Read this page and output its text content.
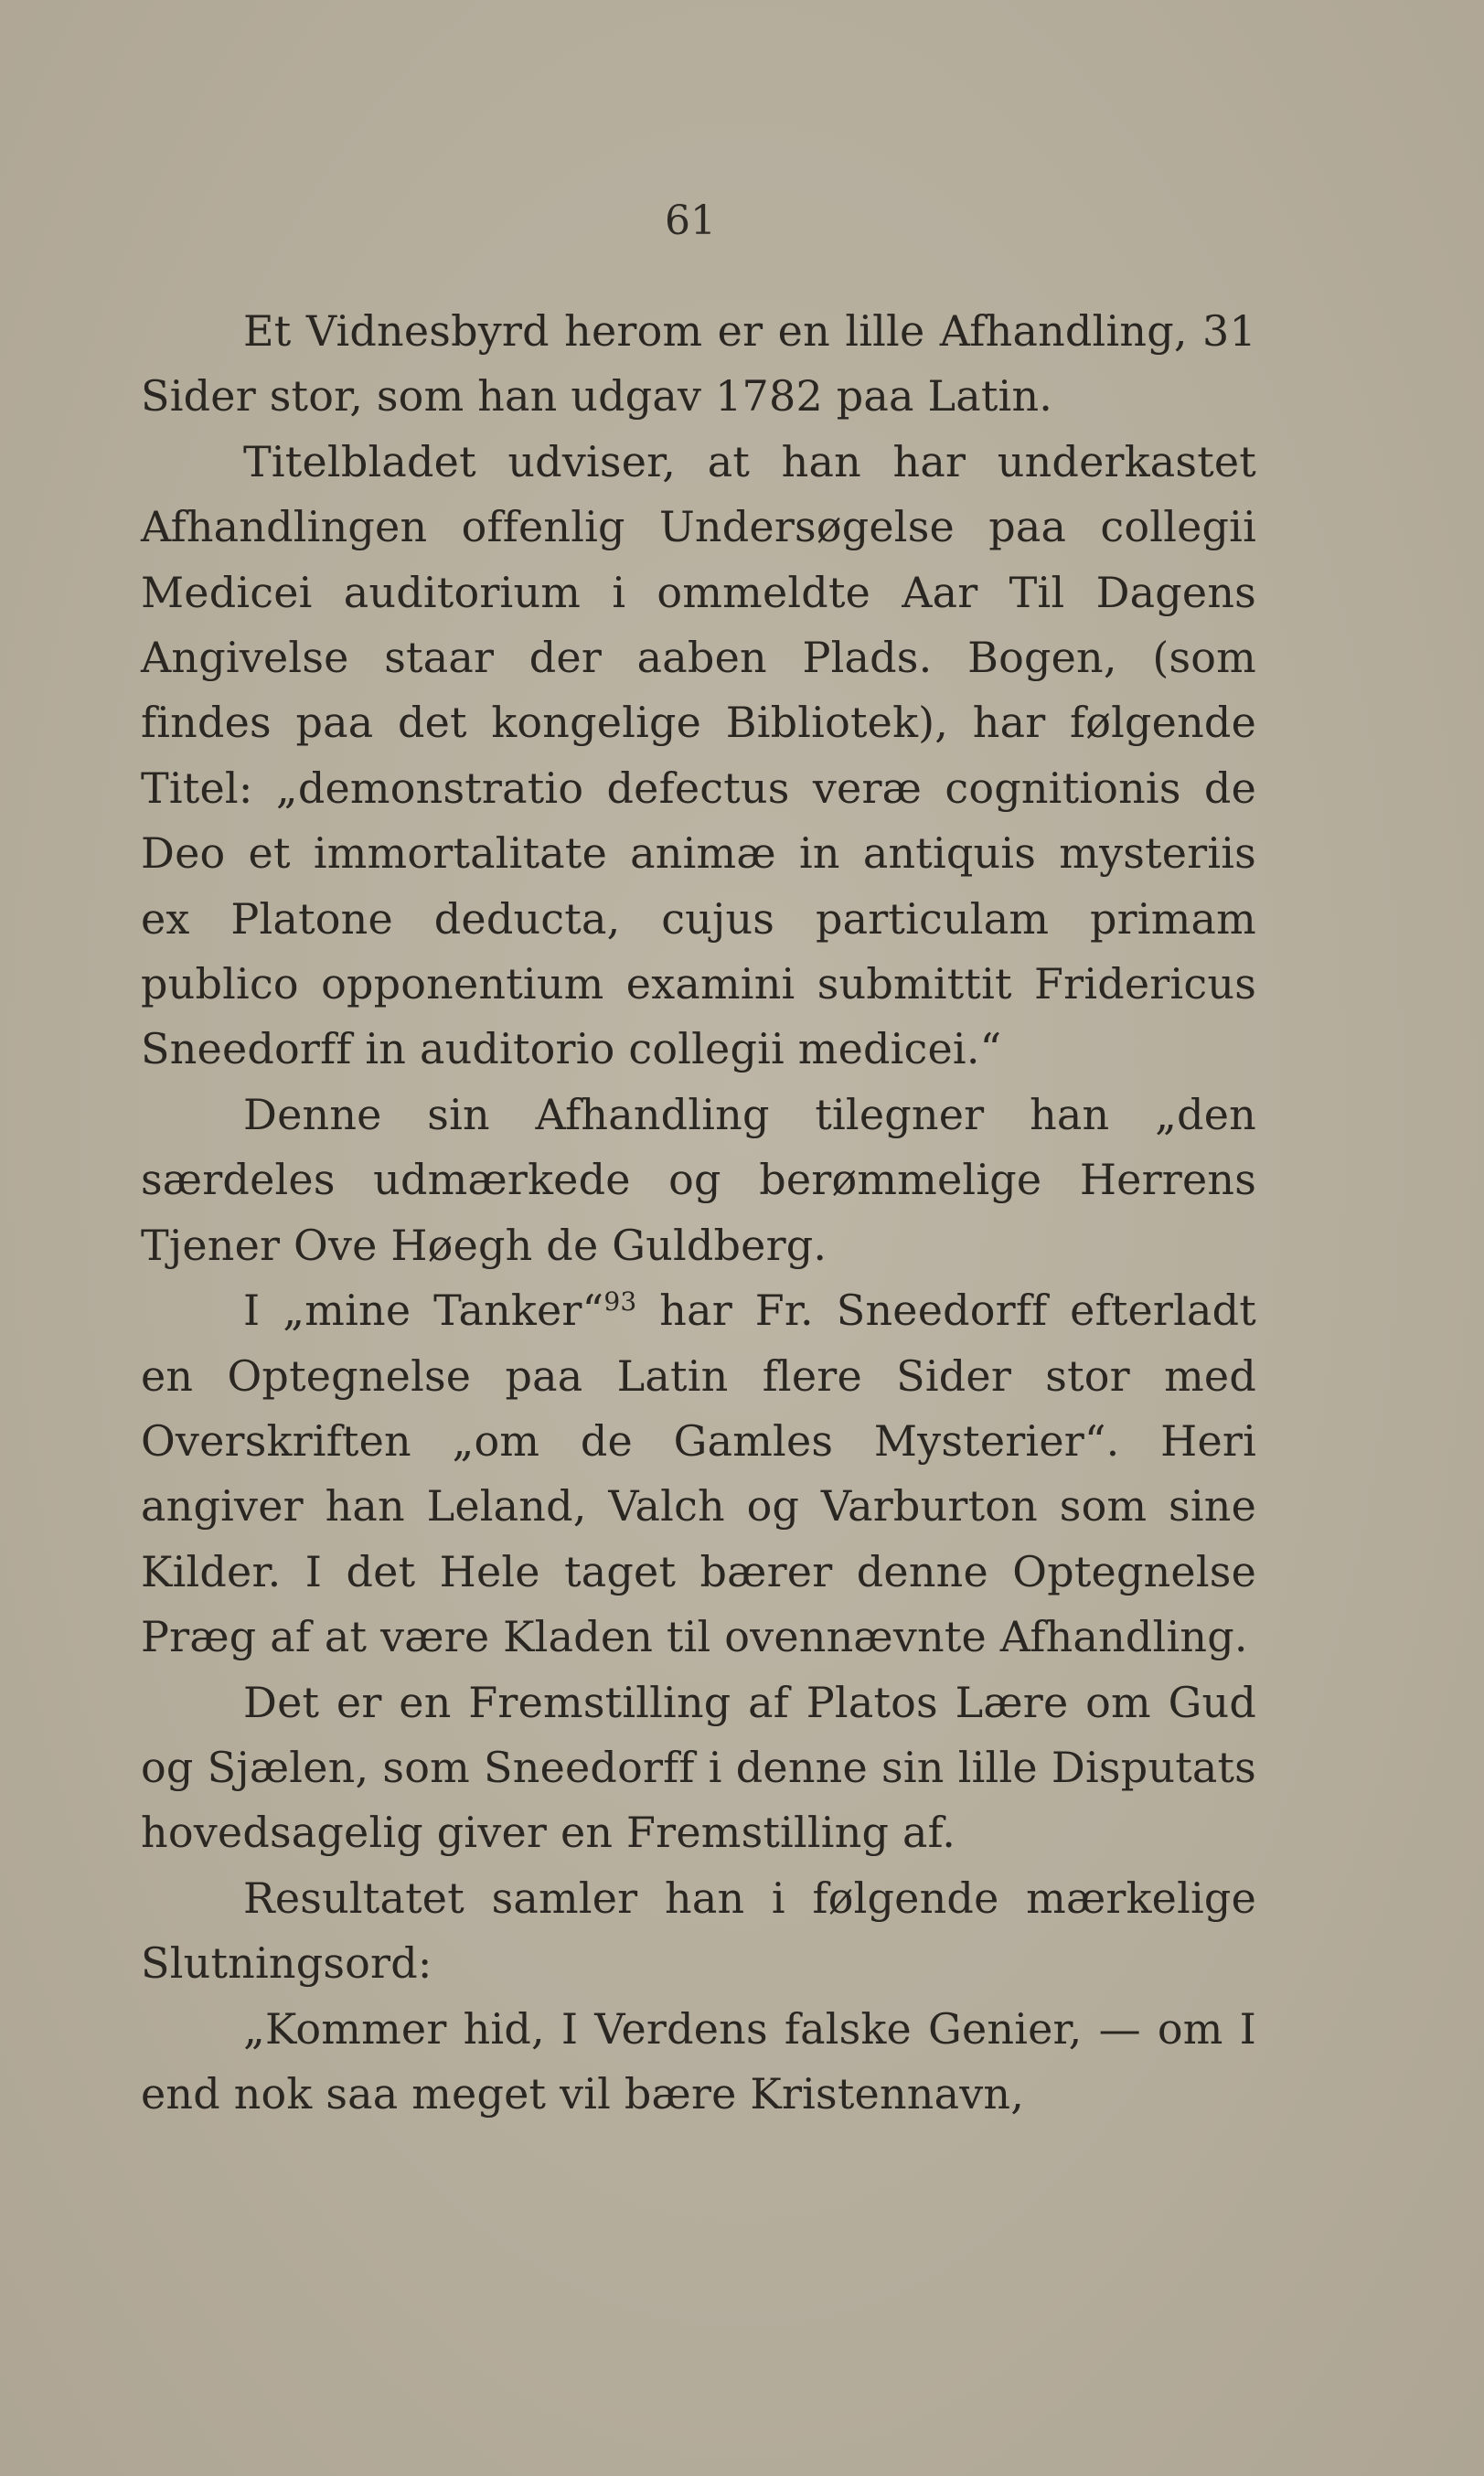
61

Et Vidnesbyrd herom er en lille Afhandling, 31 Sider stor, som han udgav 1782 paa Latin.

Titelbladet udviser, at han har underkastet Afhandlingen offenlig Undersøgelse paa collegii Medicei auditorium i ommeldte Aar Til Dagens Angivelse staar der aaben Plads. Bogen, (som findes paa det kongelige Bibliotek), har følgende Titel: „demonstratio defectus veræ cognitionis de Deo et immortalitate animæ in antiquis mysteriis ex Platone deducta, cujus particulam primam publico opponentium examini submittit Fridericus Sneedorff in auditorio collegii medicei.“

Denne sin Afhandling tilegner han „den særdeles udmærkede og berømmelige Herrens Tjener Ove Høegh de Guldberg.

I „mine Tanker“$^{93}$ har Fr. Sneedorff efterladt en Optegnelse paa Latin flere Sider stor med Overskriften „om de Gamles Mysterier“. Heri angiver han Leland, Valch og Varburton som sine Kilder. I det Hele taget bærer denne Optegnelse Præg af at være Kladen til ovennævnte Afhandling.

Det er en Fremstilling af Platos Lære om Gud og Sjælen, som Sneedorff i denne sin lille Disputats hovedsagelig giver en Fremstilling af.

Resultatet samler han i følgende mærkelige Slutningsord:

„Kommer hid, I Verdens falske Genier, — om I end nok saa meget vil bære Kristennavn,
